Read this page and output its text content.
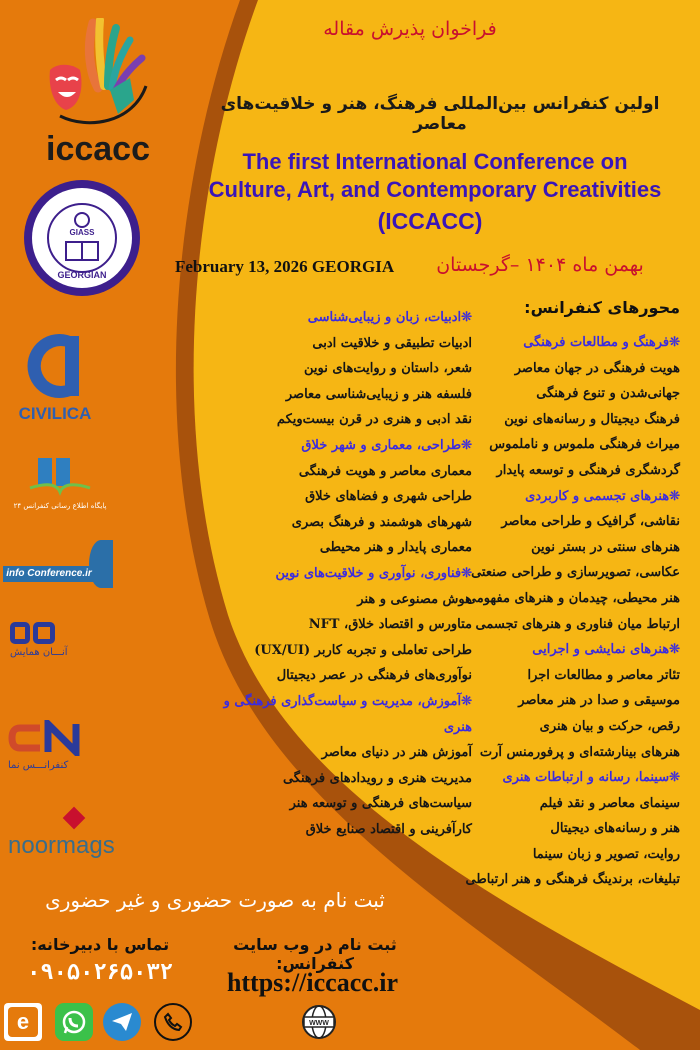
iccacc
GIASS
GEORGIAN
CIVILICA
پایگاه اطلاع رسانی کنفرانس ۲۴
info Conference.ir
آنـــان همایش
کنفرانـــس نما
noormags
فراخوان پذیرش مقاله
اولین کنفرانس بین‌المللی فرهنگ، هنر و خلاقیت‌های معاصر
The first International Conference on
Culture, Art, and Contemporary Creativities
(ICCACC)
February 13, 2026 GEORGIA	بهمن ماه ۱۴۰۴ –گرجستان
محورهای کنفرانس:
❊فرهنگ و مطالعات فرهنگی
هویت فرهنگی در جهان معاصر
جهانی‌شدن و تنوع فرهنگی
فرهنگ دیجیتال و رسانه‌های نوین
میراث فرهنگی ملموس و ناملموس
گردشگری فرهنگی و توسعه پایدار
❊هنرهای تجسمی و کاربردی
نقاشی، گرافیک و طراحی معاصر
هنرهای سنتی در بستر نوین
عکاسی، تصویرسازی و طراحی صنعتی
هنر محیطی، چیدمان و هنرهای مفهومی
ارتباط میان فناوری و هنرهای تجسمی
❊هنرهای نمایشی و اجرایی
تئاتر معاصر و مطالعات اجرا
موسیقی و صدا در هنر معاصر
رقص، حرکت و بیان هنری
هنرهای بینارشته‌ای و پرفورمنس آرت
❊سینما، رسانه و ارتباطات هنری
سینمای معاصر و نقد فیلم
هنر و رسانه‌های دیجیتال
روایت، تصویر و زبان سینما
تبلیغات، برندینگ فرهنگی و هنر ارتباطی
❊ادبیات، زبان و زیبایی‌شناسی
ادبیات تطبیقی و خلاقیت ادبی
شعر، داستان و روایت‌های نوین
فلسفه هنر و زیبایی‌شناسی معاصر
نقد ادبی و هنری در قرن بیست‌ویکم
❊طراحی، معماری و شهر خلاق
معماری معاصر و هویت فرهنگی
طراحی شهری و فضاهای خلاق
شهرهای هوشمند و فرهنگ بصری
معماری پایدار و هنر محیطی
❊فناوری، نوآوری و خلاقیت‌های نوین
هوش مصنوعی و هنر
متاورس و اقتصاد خلاق، NFT
طراحی تعاملی و تجربه کاربر (UX/UI)
نوآوری‌های فرهنگی در عصر دیجیتال
❊آموزش، مدیریت و سیاست‌گذاری فرهنگی و هنری
آموزش هنر در دنیای معاصر
مدیریت هنری و رویدادهای فرهنگی
سیاست‌های فرهنگی و توسعه هنر
کارآفرینی و اقتصاد صنایع خلاق
ثبت نام به صورت حضوری و غیر حضوری
تماس با دبیرخانه:
۰۹۰۵۰۲۶۵۰۳۲
ثبت نام در وب سایت کنفرانس:
https://iccacc.ir
e	WWW
